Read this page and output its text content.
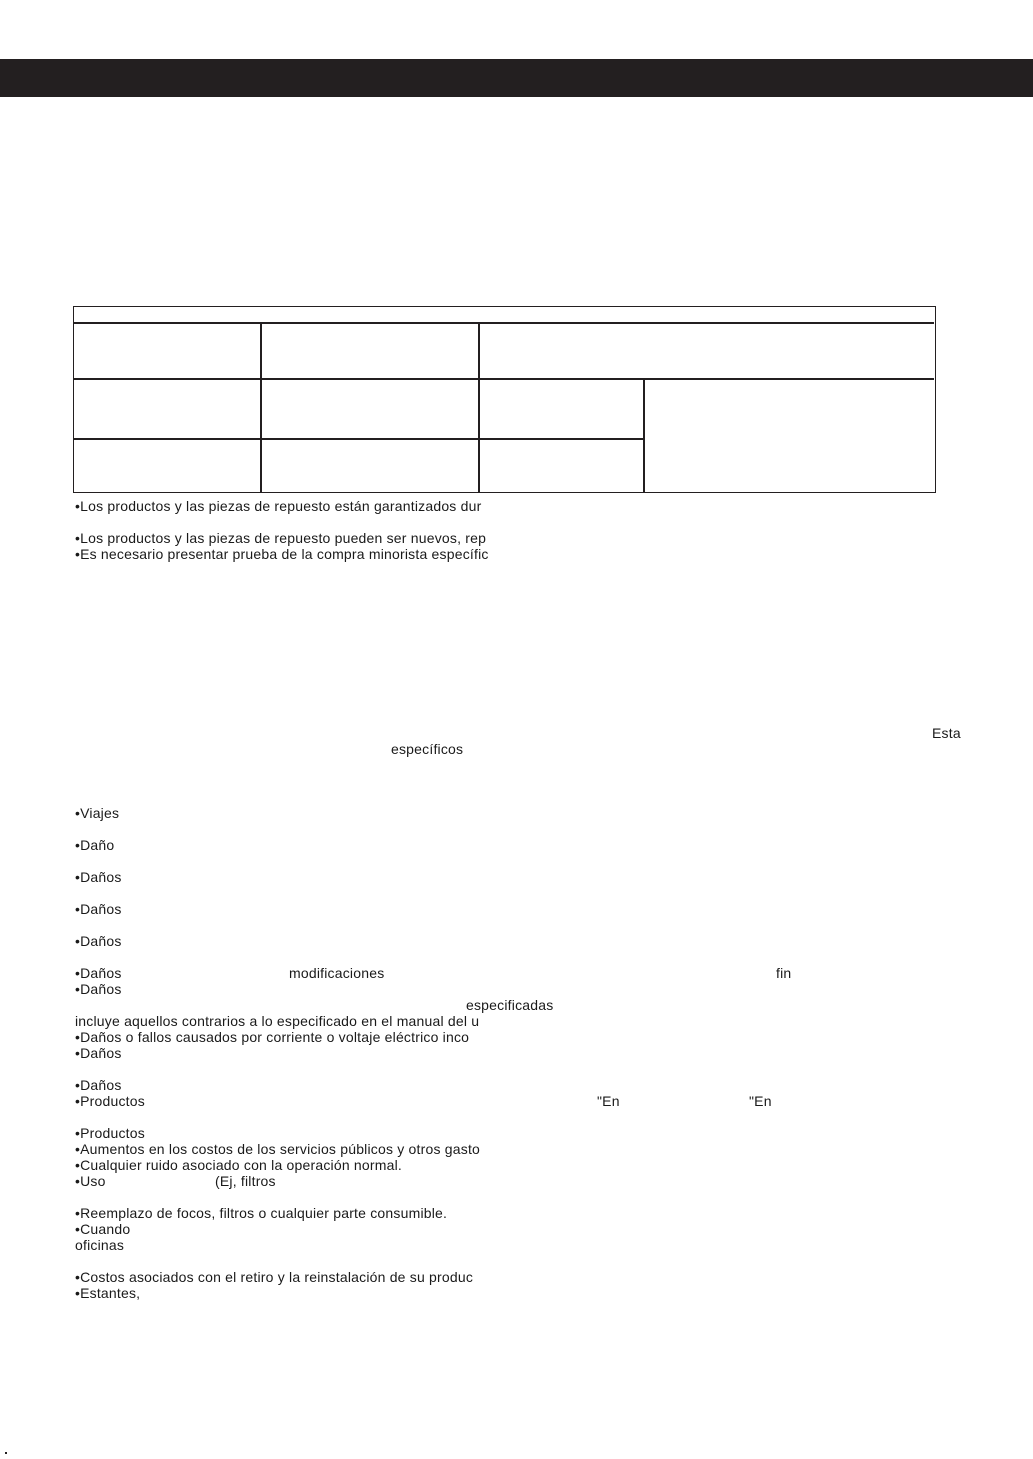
•Los productos y las piezas de repuesto están garantizados dur
•Los productos y las piezas de repuesto pueden ser nuevos, rep
•Es necesario presentar prueba de la compra minorista específic
Esta
específicos
•Viajes
•Daño
•Daños
•Daños
•Daños
•Daños	modificaciones	fin
•Daños
especificadas
incluye aquellos contrarios a lo especificado en el manual del u
•Daños o fallos causados por corriente o voltaje eléctrico inco
•Daños
•Daños
•Productos	"En	"En
•Productos
•Aumentos en los costos de los servicios públicos y otros gasto
•Cualquier ruido asociado con la operación normal.
•Uso	(Ej, filtros
•Reemplazo de focos, filtros o cualquier parte consumible.
•Cuando
oficinas
•Costos asociados con el retiro y la reinstalación de su produc
•Estantes,
